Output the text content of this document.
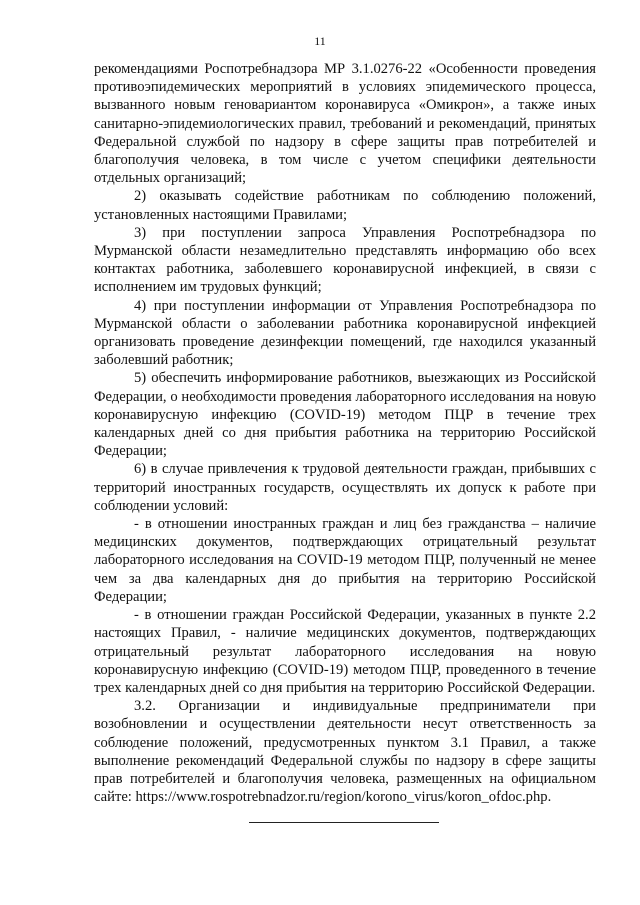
11

рекомендациями Роспотребнадзора МР 3.1.0276-22 «Особенности проведения противоэпидемических мероприятий в условиях эпидемического процесса, вызванного новым геновариантом коронавируса «Омикрон», а также иных санитарно-эпидемиологических правил, требований и рекомендаций, принятых Федеральной службой по надзору в сфере защиты прав потребителей и благополучия человека, в том числе с учетом специфики деятельности отдельных организаций;

2) оказывать содействие работникам по соблюдению положений, установленных настоящими Правилами;

3) при поступлении запроса Управления Роспотребнадзора по Мурманской области незамедлительно представлять информацию обо всех контактах работника, заболевшего коронавирусной инфекцией, в связи с исполнением им трудовых функций;

4) при поступлении информации от Управления Роспотребнадзора по Мурманской области о заболевании работника коронавирусной инфекцией организовать проведение дезинфекции помещений, где находился указанный заболевший работник;

5) обеспечить информирование работников, выезжающих из Российской Федерации, о необходимости проведения лабораторного исследования на новую коронавирусную инфекцию (COVID-19) методом ПЦР в течение трех календарных дней со дня прибытия работника на территорию Российской Федерации;

6) в случае привлечения к трудовой деятельности граждан, прибывших с территорий иностранных государств, осуществлять их допуск к работе при соблюдении условий:

- в отношении иностранных граждан и лиц без гражданства – наличие медицинских документов, подтверждающих отрицательный результат лабораторного исследования на COVID-19 методом ПЦР, полученный не менее чем за два календарных дня до прибытия на территорию Российской Федерации;

- в отношении граждан Российской Федерации, указанных в пункте 2.2 настоящих Правил, - наличие медицинских документов, подтверждающих отрицательный результат лабораторного исследования на новую коронавирусную инфекцию (COVID-19) методом ПЦР, проведенного в течение трех календарных дней со дня прибытия на территорию Российской Федерации.

3.2. Организации и индивидуальные предприниматели при возобновлении и осуществлении деятельности несут ответственность за соблюдение положений, предусмотренных пунктом 3.1 Правил, а также выполнение рекомендаций Федеральной службы по надзору в сфере защиты прав потребителей и благополучия человека, размещенных на официальном сайте: https://www.rospotrebnadzor.ru/region/korono_virus/koron_ofdoc.php.
